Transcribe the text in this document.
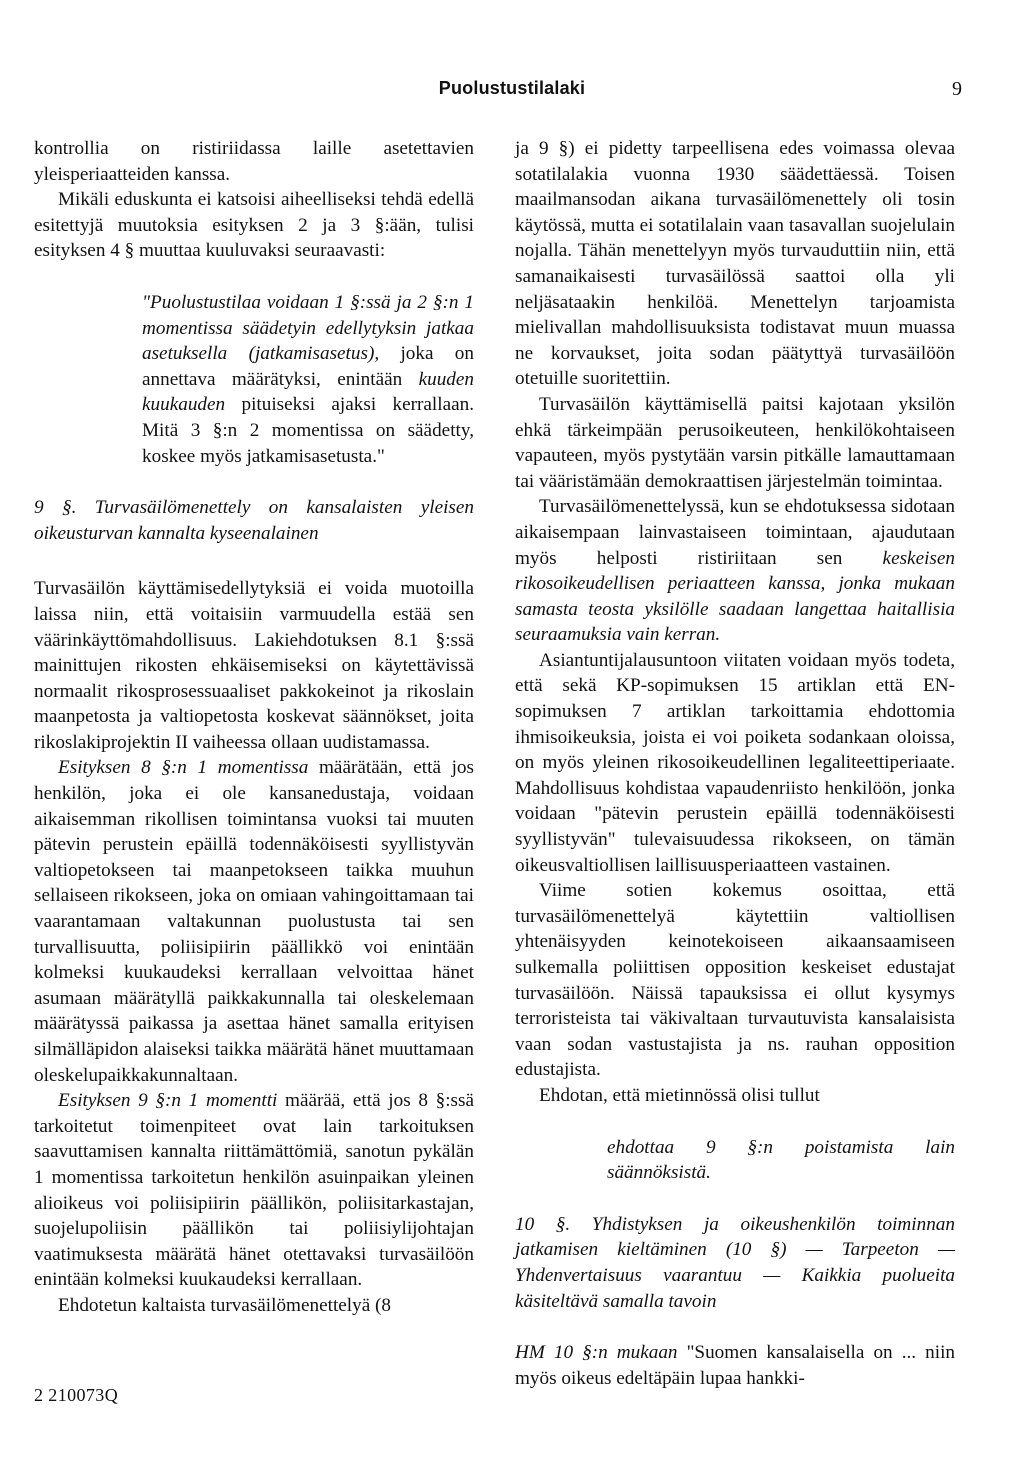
Puolustustilalaki	9

kontrollia on ristiriidassa laille asetettavien yleisperiaatteiden kanssa.

Mikäli eduskunta ei katsoisi aiheelliseksi tehdä edellä esitettyjä muutoksia esityksen 2 ja 3 §:ään, tulisi esityksen 4 § muuttaa kuuluvaksi seuraavasti:

"Puolustustilaa voidaan 1 §:ssä ja 2 §:n 1 momentissa säädetyin edellytyksin jatkaa asetuksella (jatkamisasetus), joka on annettava määrätyksi, enintään kuuden kuukauden pituiseksi ajaksi kerrallaan. Mitä 3 §:n 2 momentissa on säädetty, koskee myös jatkamisasetusta."

9 §. Turvasäilömenettely on kansalaisten yleisen oikeusturvan kannalta kyseenalainen

Turvasäilön käyttämisedellytyksiä ei voida muotoilla laissa niin, että voitaisiin varmuudella estää sen väärinkäyttömahdollisuus. Lakiehdotuksen 8.1 §:ssä mainittujen rikosten ehkäisemiseksi on käytettävissä normaalit rikosprosessuaaliset pakkokeinot ja rikoslain maanpetosta ja valtiopetosta koskevat säännökset, joita rikoslakiprojektin II vaiheessa ollaan uudistamassa.

Esityksen 8 §:n 1 momentissa määrätään, että jos henkilön, joka ei ole kansanedustaja, voidaan aikaisemman rikollisen toimintansa vuoksi tai muuten pätevin perustein epäillä todennäköisesti syyllistyvän valtiopetokseen tai maanpetokseen taikka muuhun sellaiseen rikokseen, joka on omiaan vahingoittamaan tai vaarantamaan valtakunnan puolustusta tai sen turvallisuutta, poliisipiirin päällikkö voi enintään kolmeksi kuukaudeksi kerrallaan velvoittaa hänet asumaan määrätyllä paikkakunnalla tai oleskelemaan määrätyssä paikassa ja asettaa hänet samalla erityisen silmälläpidon alaiseksi taikka määrätä hänet muuttamaan oleskelupaikkakunnaltaan.

Esityksen 9 §:n 1 momentti määrää, että jos 8 §:ssä tarkoitetut toimenpiteet ovat lain tarkoituksen saavuttamisen kannalta riittämättömiä, sanotun pykälän 1 momentissa tarkoitetun henkilön asuinpaikan yleinen alioikeus voi poliisipiirin päällikön, poliisitarkastajan, suojelupoliisin päällikön tai poliisiylijohtajan vaatimuksesta määrätä hänet otettavaksi turvasäilöön enintään kolmeksi kuukaudeksi kerrallaan.

Ehdotetun kaltaista turvasäilömenettelyä (8

ja 9 §) ei pidetty tarpeellisena edes voimassa olevaa sotatilalakia vuonna 1930 säädettäessä. Toisen maailmansodan aikana turvasäilömenettely oli tosin käytössä, mutta ei sotatilalain vaan tasavallan suojelulain nojalla. Tähän menettelyyn myös turvauduttiin niin, että samanaikaisesti turvasäilössä saattoi olla yli neljäsataakin henkilöä. Menettelyn tarjoamista mielivallan mahdollisuuksista todistavat muun muassa ne korvaukset, joita sodan päätyttyä turvasäilöön otetuille suoritettiin.

Turvasäilön käyttämisellä paitsi kajotaan yksilön ehkä tärkeimpään perusoikeuteen, henkilökohtaiseen vapauteen, myös pystytään varsin pitkälle lamauttamaan tai vääristämään demokraattisen järjestelmän toimintaa.

Turvasäilömenettelyssä, kun se ehdotuksessa sidotaan aikaisempaan lainvastaiseen toimintaan, ajaudutaan myös helposti ristiriitaan sen keskeisen rikosoikeudellisen periaatteen kanssa, jonka mukaan samasta teosta yksilölle saadaan langettaa haitallisia seuraamuksia vain kerran.

Asiantuntijalausuntoon viitaten voidaan myös todeta, että sekä KP-sopimuksen 15 artiklan että EN-sopimuksen 7 artiklan tarkoittamia ehdottomia ihmisoikeuksia, joista ei voi poiketa sodankaan oloissa, on myös yleinen rikosoikeudellinen legaliteettiperiaate. Mahdollisuus kohdistaa vapaudenriisto henkilöön, jonka voidaan "pätevin perustein epäillä todennäköisesti syyllistyvän" tulevaisuudessa rikokseen, on tämän oikeusvaltiollisen laillisuusperiaatteen vastainen.

Viime sotien kokemus osoittaa, että turvasäilömenettelyä käytettiin valtiollisen yhtenäisyyden keinotekoiseen aikaansaamiseen sulkemalla poliittisen opposition keskeiset edustajat turvasäilöön. Näissä tapauksissa ei ollut kysymys terroristeista tai väkivaltaan turvautuvista kansalaisista vaan sodan vastustajista ja ns. rauhan opposition edustajista.

Ehdotan, että mietinnössä olisi tullut

ehdottaa 9 §:n poistamista lain säännöksistä.

10 §. Yhdistyksen ja oikeushenkilön toiminnan jatkamisen kieltäminen (10 §) — Tarpeeton — Yhdenvertaisuus vaarantuu — Kaikkia puolueita käsiteltävä samalla tavoin

HM 10 §:n mukaan "Suomen kansalaisella on ... niin myös oikeus edeltäpäin lupaa hankki-

2 210073Q
